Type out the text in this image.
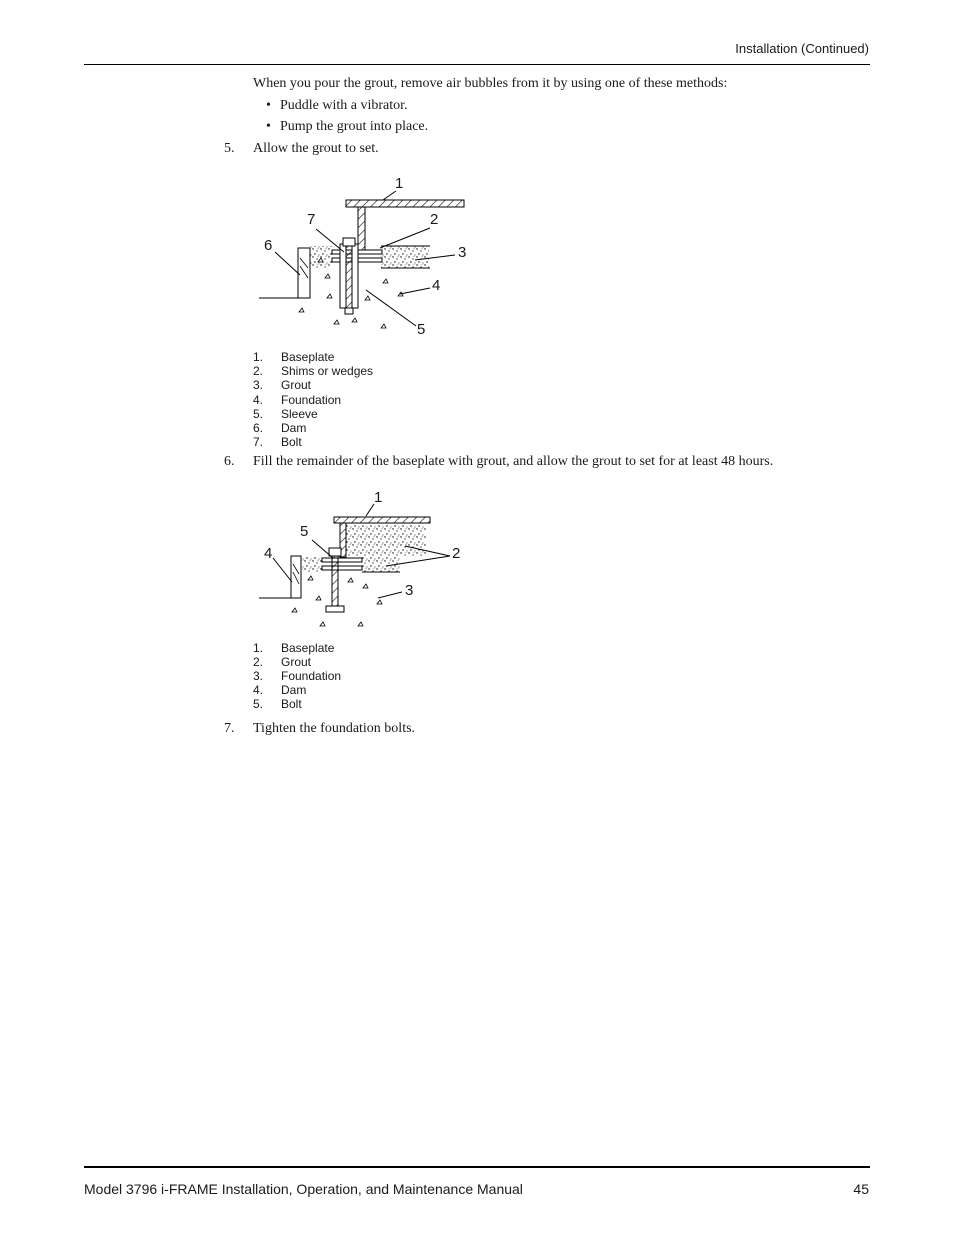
Installation (Continued)
When you pour the grout, remove air bubbles from it by using one of these methods:
• Puddle with a vibrator.
• Pump the grout into place.
5. Allow the grout to set.
1
2
3
4
5
6
7
1. Baseplate
2. Shims or wedges
3. Grout
4. Foundation
5. Sleeve
6. Dam
7. Bolt
6. Fill the remainder of the baseplate with grout, and allow the grout to set for at least 48 hours.
1
2
3
4
5
1. Baseplate
2. Grout
3. Foundation
4. Dam
5. Bolt
7. Tighten the foundation bolts.
Model 3796 i-FRAME Installation, Operation, and Maintenance Manual	45
